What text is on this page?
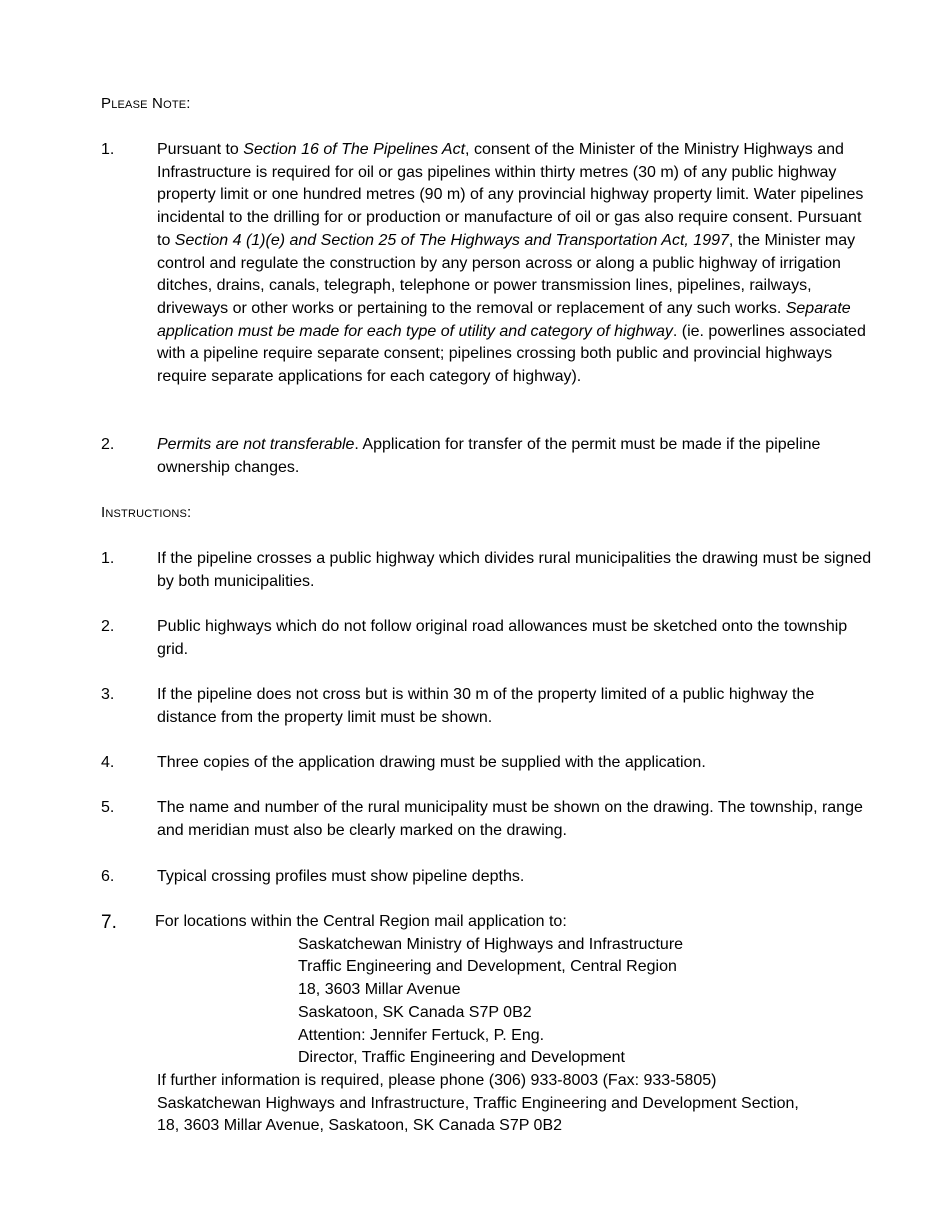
Please Note:
1.	Pursuant to Section 16 of The Pipelines Act, consent of the Minister of the Ministry Highways and Infrastructure is required for oil or gas pipelines within thirty metres (30 m) of any public highway property limit or one hundred metres (90 m) of any provincial highway property limit. Water pipelines incidental to the drilling for or production or manufacture of oil or gas also require consent. Pursuant to Section 4 (1)(e) and Section 25 of The Highways and Transportation Act, 1997, the Minister may control and regulate the construction by any person across or along a public highway of irrigation ditches, drains, canals, telegraph, telephone or power transmission lines, pipelines, railways, driveways or other works or pertaining to the removal or replacement of any such works. Separate application must be made for each type of utility and category of highway. (ie. powerlines associated with a pipeline require separate consent; pipelines crossing both public and provincial highways require separate applications for each category of highway).
2.	Permits are not transferable. Application for transfer of the permit must be made if the pipeline ownership changes.
Instructions:
1.	If the pipeline crosses a public highway which divides rural municipalities the drawing must be signed by both municipalities.
2.	Public highways which do not follow original road allowances must be sketched onto the township grid.
3.	If the pipeline does not cross but is within 30 m of the property limited of a public highway the distance from the property limit must be shown.
4.	Three copies of the application drawing must be supplied with the application.
5.	The name and number of the rural municipality must be shown on the drawing. The township, range and meridian must also be clearly marked on the drawing.
6.	Typical crossing profiles must show pipeline depths.
7. For locations within the Central Region mail application to:
Saskatchewan Ministry of Highways and Infrastructure
Traffic Engineering and Development, Central Region
18, 3603 Millar Avenue
Saskatoon, SK Canada S7P 0B2
Attention: Jennifer Fertuck, P. Eng.
Director, Traffic Engineering and Development
If further information is required, please phone (306) 933-8003 (Fax: 933-5805)
Saskatchewan Highways and Infrastructure, Traffic Engineering and Development Section,
18, 3603 Millar Avenue, Saskatoon, SK Canada S7P 0B2
